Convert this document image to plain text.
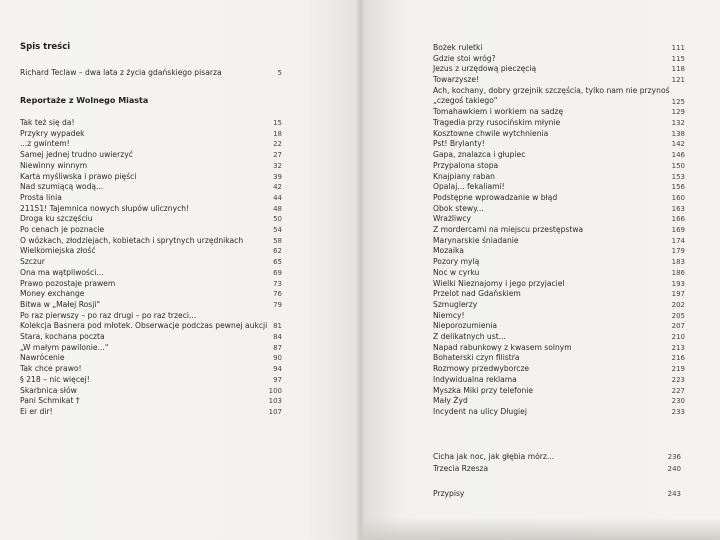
Spis treści
Richard Teclaw – dwa lata z życia gdańskiego pisarza	5
Reportaże z Wolnego Miasta
Tak też się da!	15
Przykry wypadek	18
...z gwintem!	22
Samej jednej trudno uwierzyć	27
Niewinny winnym	32
Karta myśliwska i prawo pięści	39
Nad szumiącą wodą...	42
Prosta linia	44
21151! Tajemnica nowych słupów ulicznych!	48
Droga ku szczęściu	50
Po cenach je poznacie	54
O wózkach, złodziejach, kobietach i sprytnych urzędnikach	58
Wielkomiejska złość	62
Szczur	65
Ona ma wątpliwości...	69
Prawo pozostaje prawem	73
Money exchange	76
Bitwa w „Małej Rosji"	79
Po raz pierwszy – po raz drugi – po raz trzeci...
Kolekcja Basnera pod młotek. Obserwacje podczas pewnej aukcji 81
Stara, kochana poczta	84
„W małym pawilonie..."	87
Nawrócenie	90
Tak chce prawo!	94
§ 218 – nic więcej!	97
Skarbnica słów	100
Pani Schmikat †	103
Ei er dir!	107
Bożek ruletki	111
Gdzie stoi wróg?	115
Jezus z urzędową pieczęcią	118
Towarzysze!	121
Ach, kochany, dobry grzejnik szczęścia, tylko nam nie przynoś „czegoś takiego"	125
Tomahawkiem i workiem na sadzę	129
Tragedia przy rusocińskim młynie	132
Kosztowne chwile wytchnienia	138
Pst! Brylanty!	142
Gapa, znalazca i głupiec	146
Przypalona stopa	150
Knajpiany raban	153
Opalaj... fekaliami!	156
Podstępne wprowadzanie w błąd	160
Obok stewy...	163
Wrażliwcy	166
Z mordercami na miejscu przestępstwa	169
Marynarskie śniadanie	174
Mozaika	179
Pozory mylą	183
Noc w cyrku	186
Wielki Nieznajomy i jego przyjaciel	193
Przelot nad Gdańskiem	197
Szmuglerzy	202
Niemcy!	205
Nieporozumienia	207
Z delikatnych ust...	210
Napad rabunkowy z kwasem solnym	213
Bohaterski czyn filistra	216
Rozmowy przedwyborcze	219
Indywidualna reklama	223
Myszka Miki przy telefonie	227
Mały Żyd	230
Incydent na ulicy Długiej	233
Cicha jak noc, jak głębia mórz...	236
Trzecia Rzesza	240
Przypisy	243
